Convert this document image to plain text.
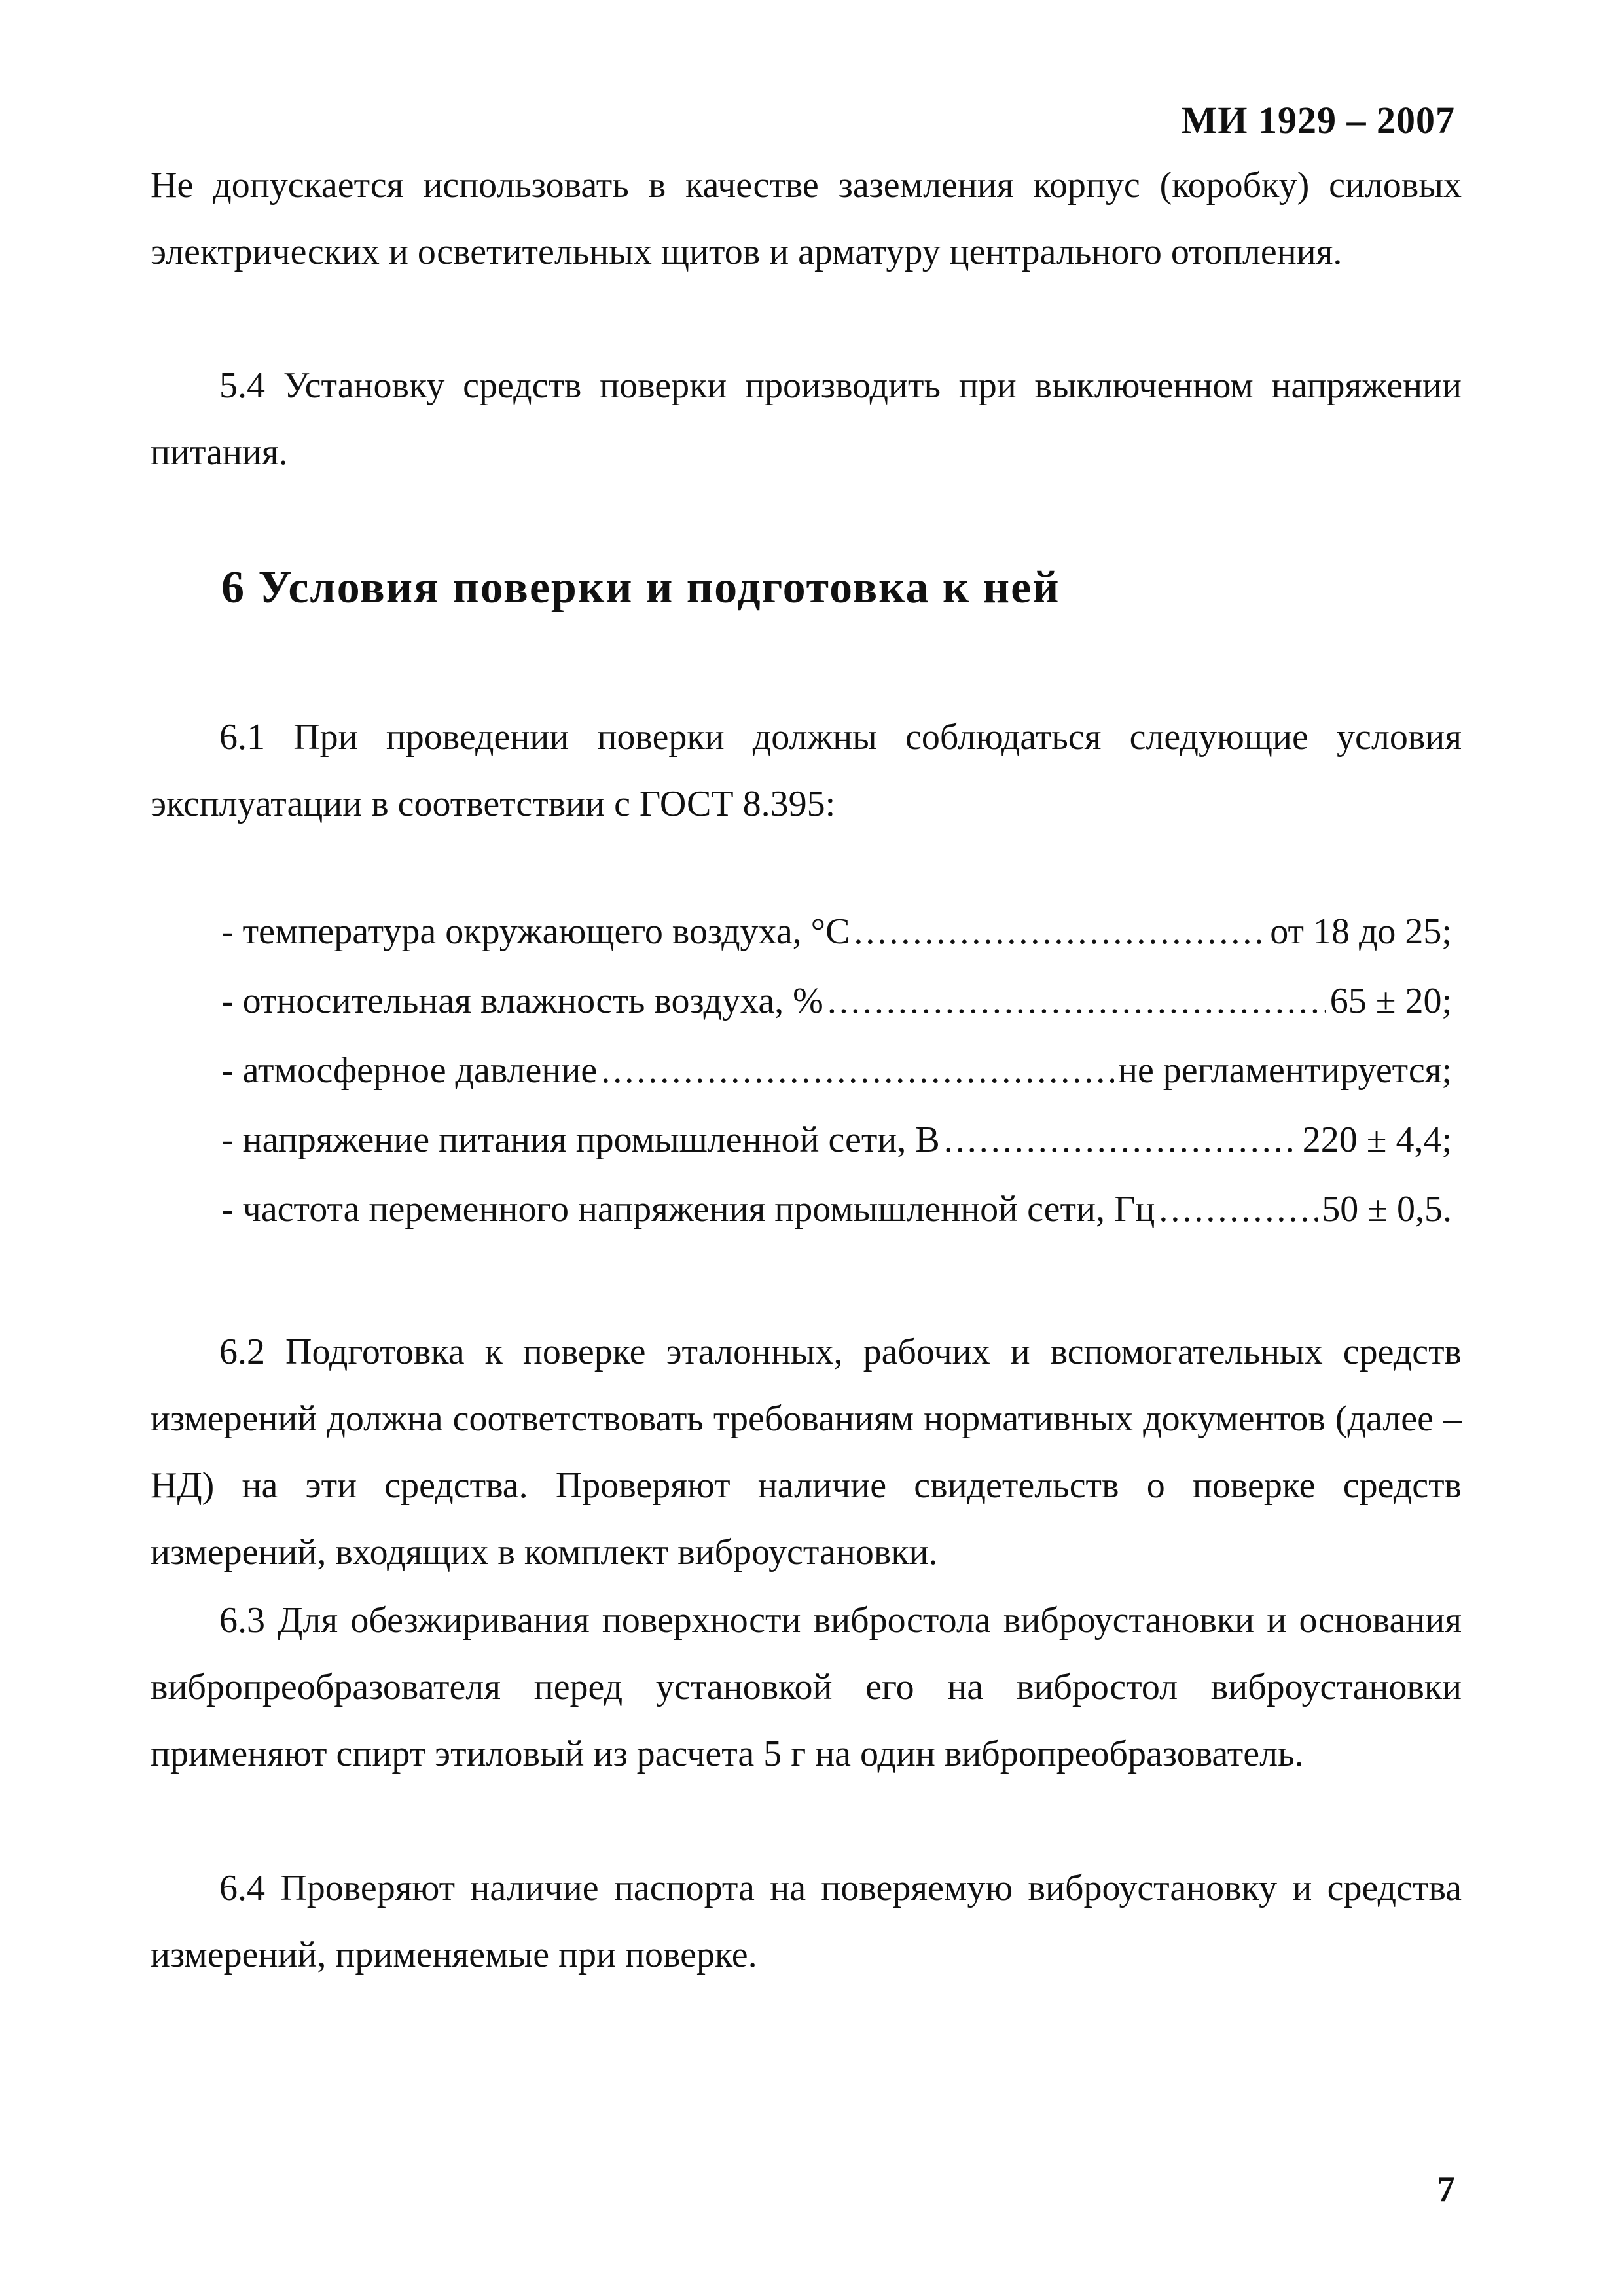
МИ 1929 – 2007

Не допускается использовать в качестве заземления корпус (коробку) силовых электрических и осветительных щитов и арматуру центрального отопления.

5.4 Установку средств поверки производить при выключенном напряжении питания.

6 Условия поверки и подготовка к ней

6.1 При проведении поверки должны соблюдаться следующие условия эксплуатации в соответствии с ГОСТ 8.395:

- температура окружающего воздуха, °С .....	от 18 до 25;
- относительная влажность воздуха, % .....	65 ± 20;
- атмосферное давление .....	не регламентируется;
- напряжение питания промышленной сети, В .....	220 ± 4,4;
- частота переменного напряжения промышленной сети, Гц .....	50 ± 0,5.

6.2 Подготовка к поверке эталонных, рабочих и вспомогательных средств измерений должна соответствовать требованиям нормативных документов (далее – НД) на эти средства. Проверяют наличие свидетельств о поверке средств измерений, входящих в комплект виброустановки.

6.3 Для обезжиривания поверхности вибростола виброустановки и основания вибропреобразователя перед установкой его на вибростол виброустановки применяют спирт этиловый из расчета 5 г на один вибропреобразователь.

6.4 Проверяют наличие паспорта на поверяемую виброустановку и средства измерений, применяемые при поверке.

7
